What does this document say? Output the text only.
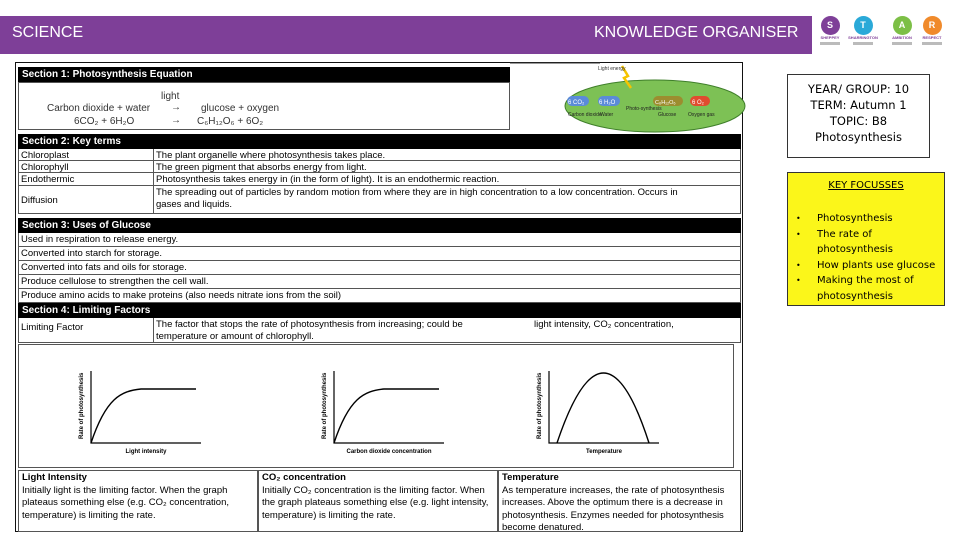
SCIENCE	KNOWLEDGE ORGANISER	S
SHEPPEY
T
SHARRINGTON
A
AMBITION
R
RESPECT
Section 1: Photosynthesis Equation
light
Carbon dioxide + water → glucose + oxygen
6CO₂ + 6H₂O	→ C₆H₁₂O₆ + 6O₂
Light energy
6 CO₂ 6 H₂O	C₆H₁₂O₆	6 O₂
Carbon dioxide
Water
Photo-synthesis
Glucose Oxygen gas
YEAR/ GROUP: 10
TERM: Autumn 1
TOPIC: B8
Photosynthesis
KEY FOCUSSES
• Photosynthesis
• The rate of photosynthesis
• How plants use glucose
• Making the most of photosynthesis
Section 2: Key terms
Chloroplast	The plant organelle where photosynthesis takes place.
Chlorophyll	The green pigment that absorbs energy from light.
Endothermic	Photosynthesis takes energy in (in the form of light). It is an endothermic reaction.
Diffusion
The spreading out of particles by random motion from where they are in high concentration to a low concentration. Occurs in gases and liquids.
Section 3: Uses of Glucose
Used in respiration to release energy.
Converted into starch for storage.
Converted into fats and oils for storage.
Produce cellulose to strengthen the cell wall.
Produce amino acids to make proteins (also needs nitrate ions from the soil)
Section 4: Limiting Factors
Limiting Factor	The factor that stops the rate of photosynthesis from increasing; could be temperature or amount of chlorophyll.
light intensity, CO₂ concentration,
Rate of photosynthesis
Light intensity
Rate of photosynthesis
Carbon dioxide concentration
Rate of photosynthesis
Temperature
Light Intensity
Initially light is the limiting factor. When the graph plateaus something else (e.g. CO₂ concentration, temperature) is limiting the rate.
CO₂ concentration
Initially CO₂ concentration is the limiting factor. When the graph plateaus something else (e.g. light intensity, temperature) is limiting the rate.
Temperature
As temperature increases, the rate of photosynthesis increases. Above the optimum there is a decrease in photosynthesis. Enzymes needed for photosynthesis become denatured.
